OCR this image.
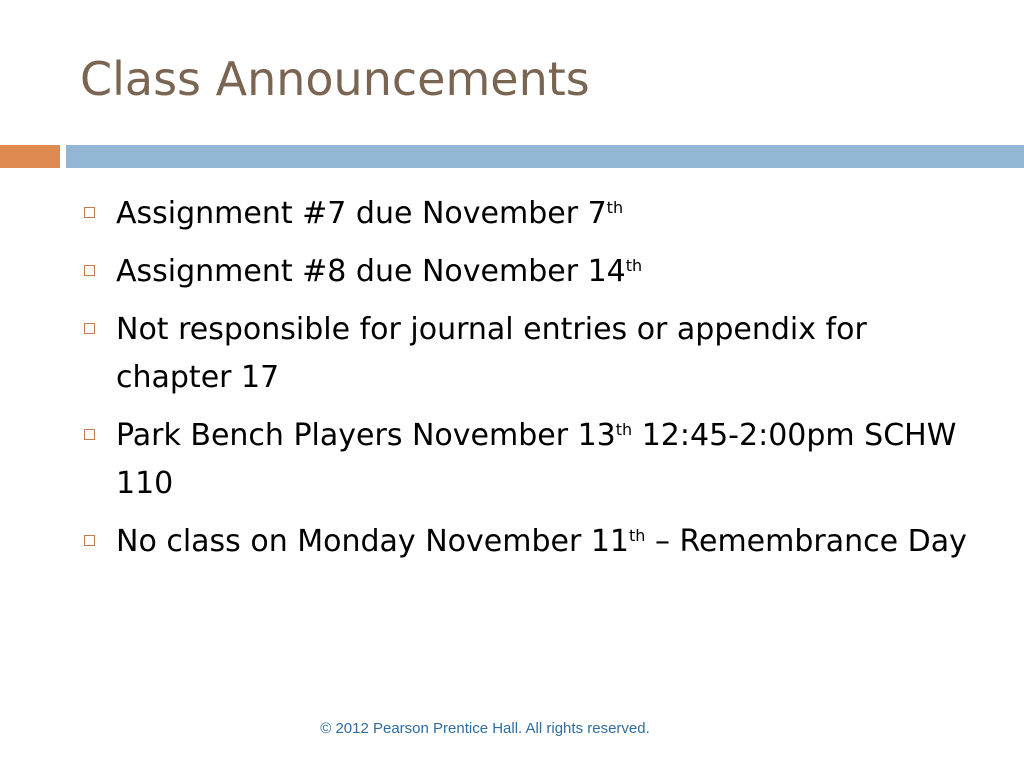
Class Announcements
Assignment #7 due November 7th
Assignment #8 due November 14th
Not responsible for journal entries or appendix for chapter 17
Park Bench Players November 13th 12:45-2:00pm SCHW 110
No class on Monday November 11th – Remembrance Day
© 2012 Pearson Prentice Hall. All rights reserved.
